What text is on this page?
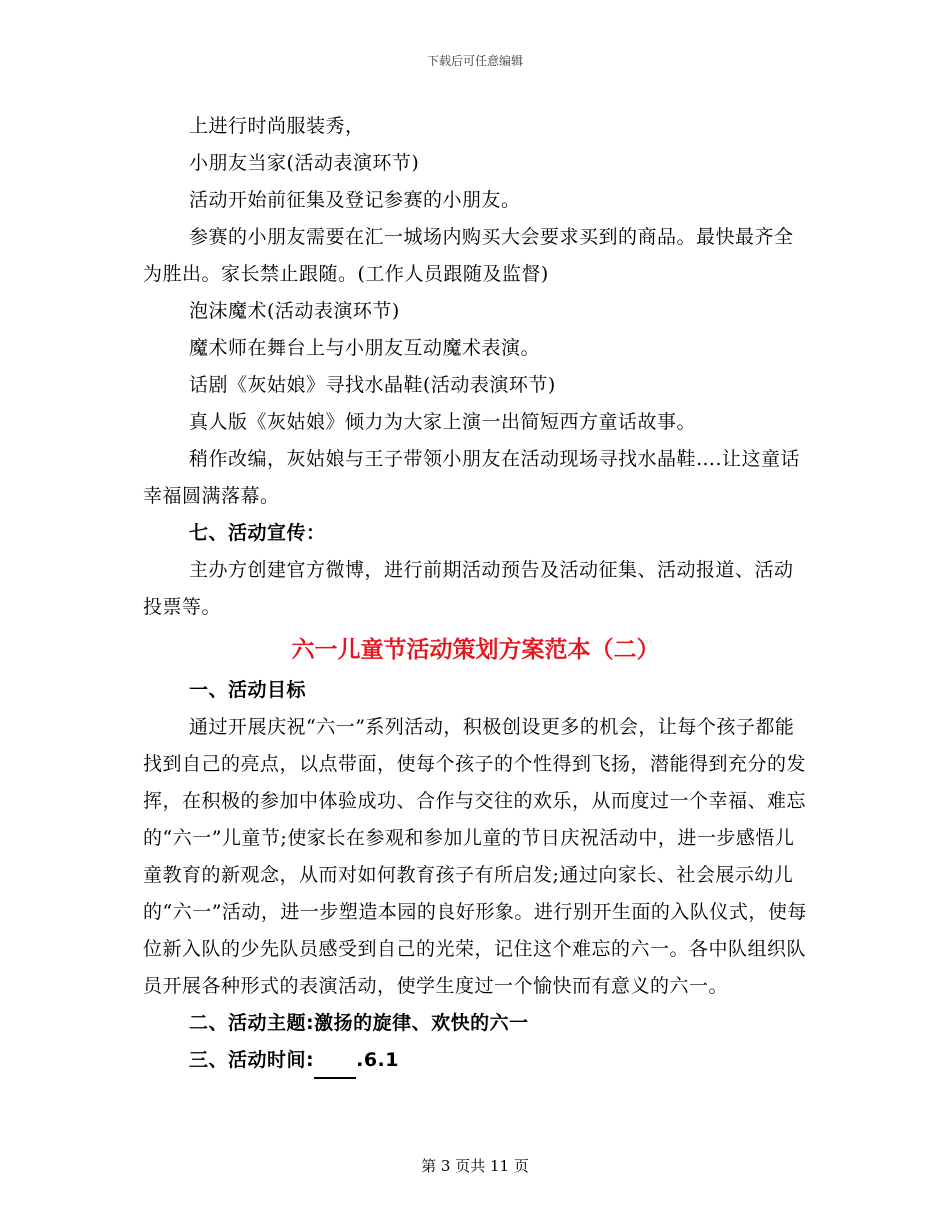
下载后可任意编辑

上进行时尚服装秀，

小朋友当家(活动表演环节)

活动开始前征集及登记参赛的小朋友。

参赛的小朋友需要在汇一城场内购买大会要求买到的商品。最快最齐全为胜出。家长禁止跟随。(工作人员跟随及监督)

泡沫魔术(活动表演环节)

魔术师在舞台上与小朋友互动魔术表演。

话剧《灰姑娘》寻找水晶鞋(活动表演环节)

真人版《灰姑娘》倾力为大家上演一出简短西方童话故事。

稍作改编，灰姑娘与王子带领小朋友在活动现场寻找水晶鞋….让这童话幸福圆满落幕。

七、活动宣传：

主办方创建官方微博，进行前期活动预告及活动征集、活动报道、活动投票等。

六一儿童节活动策划方案范本（二）

一、活动目标

通过开展庆祝“六一”系列活动，积极创设更多的机会，让每个孩子都能找到自己的亮点，以点带面，使每个孩子的个性得到飞扬，潜能得到充分的发挥，在积极的参加中体验成功、合作与交往的欢乐，从而度过一个幸福、难忘的“六一”儿童节;使家长在参观和参加儿童的节日庆祝活动中，进一步感悟儿童教育的新观念，从而对如何教育孩子有所启发;通过向家长、社会展示幼儿的“六一”活动，进一步塑造本园的良好形象。进行别开生面的入队仪式，使每位新入队的少先队员感受到自己的光荣，记住这个难忘的六一。各中队组织队员开展各种形式的表演活动，使学生度过一个愉快而有意义的六一。

二、活动主题:激扬的旋律、欢快的六一

三、活动时间: .6.1

第 3 页共 11 页
